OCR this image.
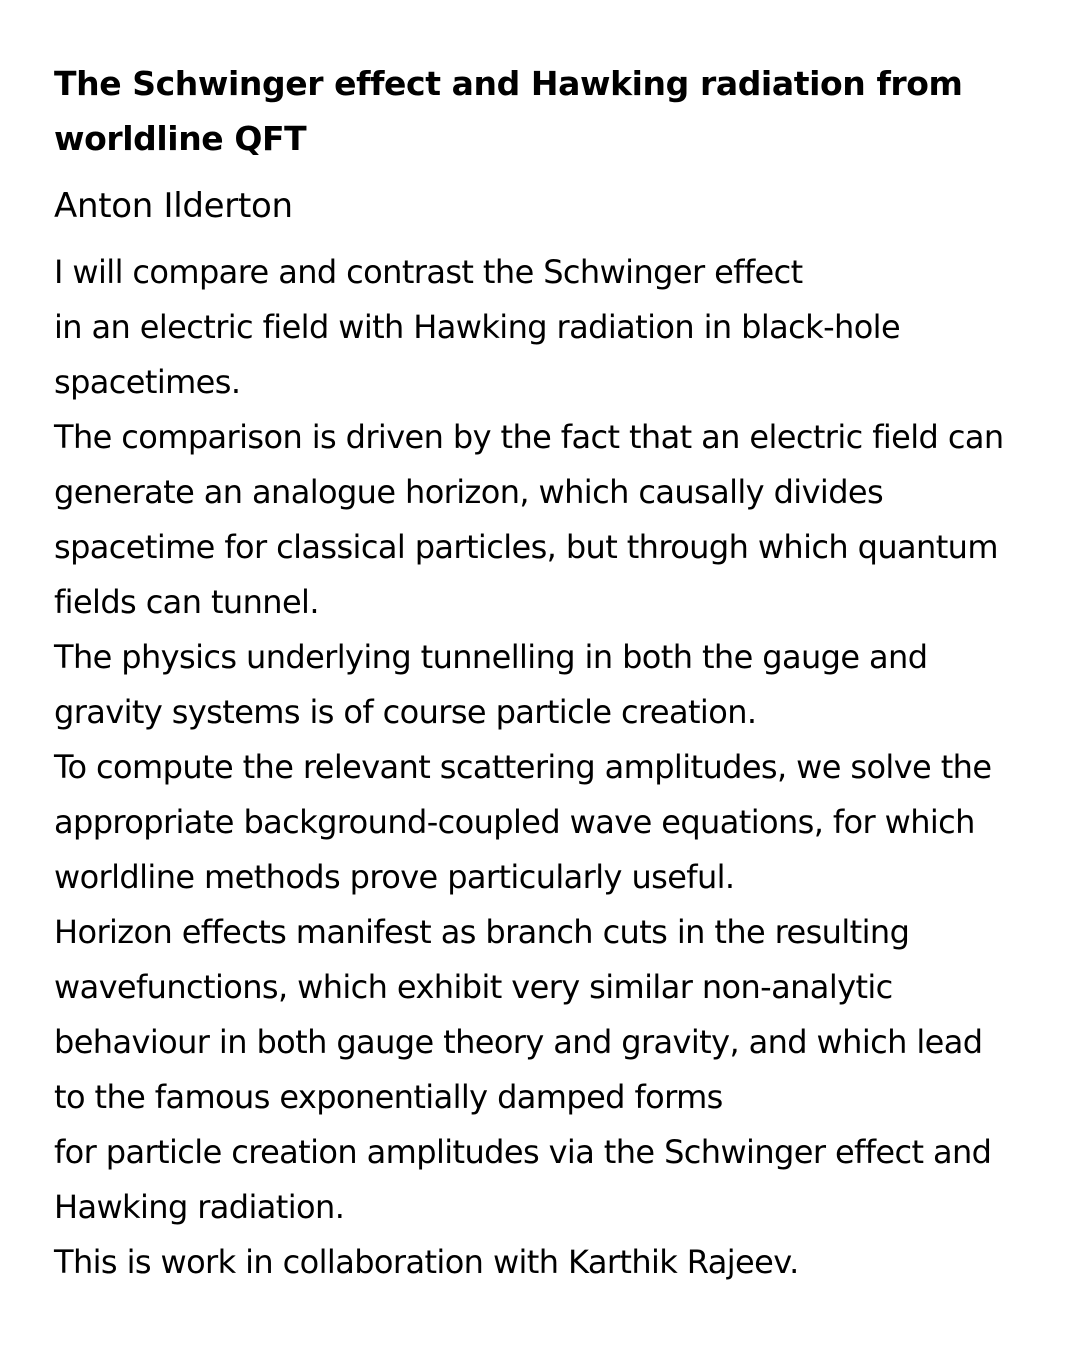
The Schwinger effect and Hawking radiation from
worldline QFT
Anton Ilderton
I will compare and contrast the Schwinger effect
in an electric field with Hawking radiation in black-hole
spacetimes.
The comparison is driven by the fact that an electric field can
generate an analogue horizon, which causally divides
spacetime for classical particles, but through which quantum
fields can tunnel.
The physics underlying tunnelling in both the gauge and
gravity systems is of course particle creation.
To compute the relevant scattering amplitudes, we solve the
appropriate background-coupled wave equations, for which
worldline methods prove particularly useful.
Horizon effects manifest as branch cuts in the resulting
wavefunctions, which exhibit very similar non-analytic
behaviour in both gauge theory and gravity, and which lead
to the famous exponentially damped forms
for particle creation amplitudes via the Schwinger effect and
Hawking radiation.
This is work in collaboration with Karthik Rajeev.
